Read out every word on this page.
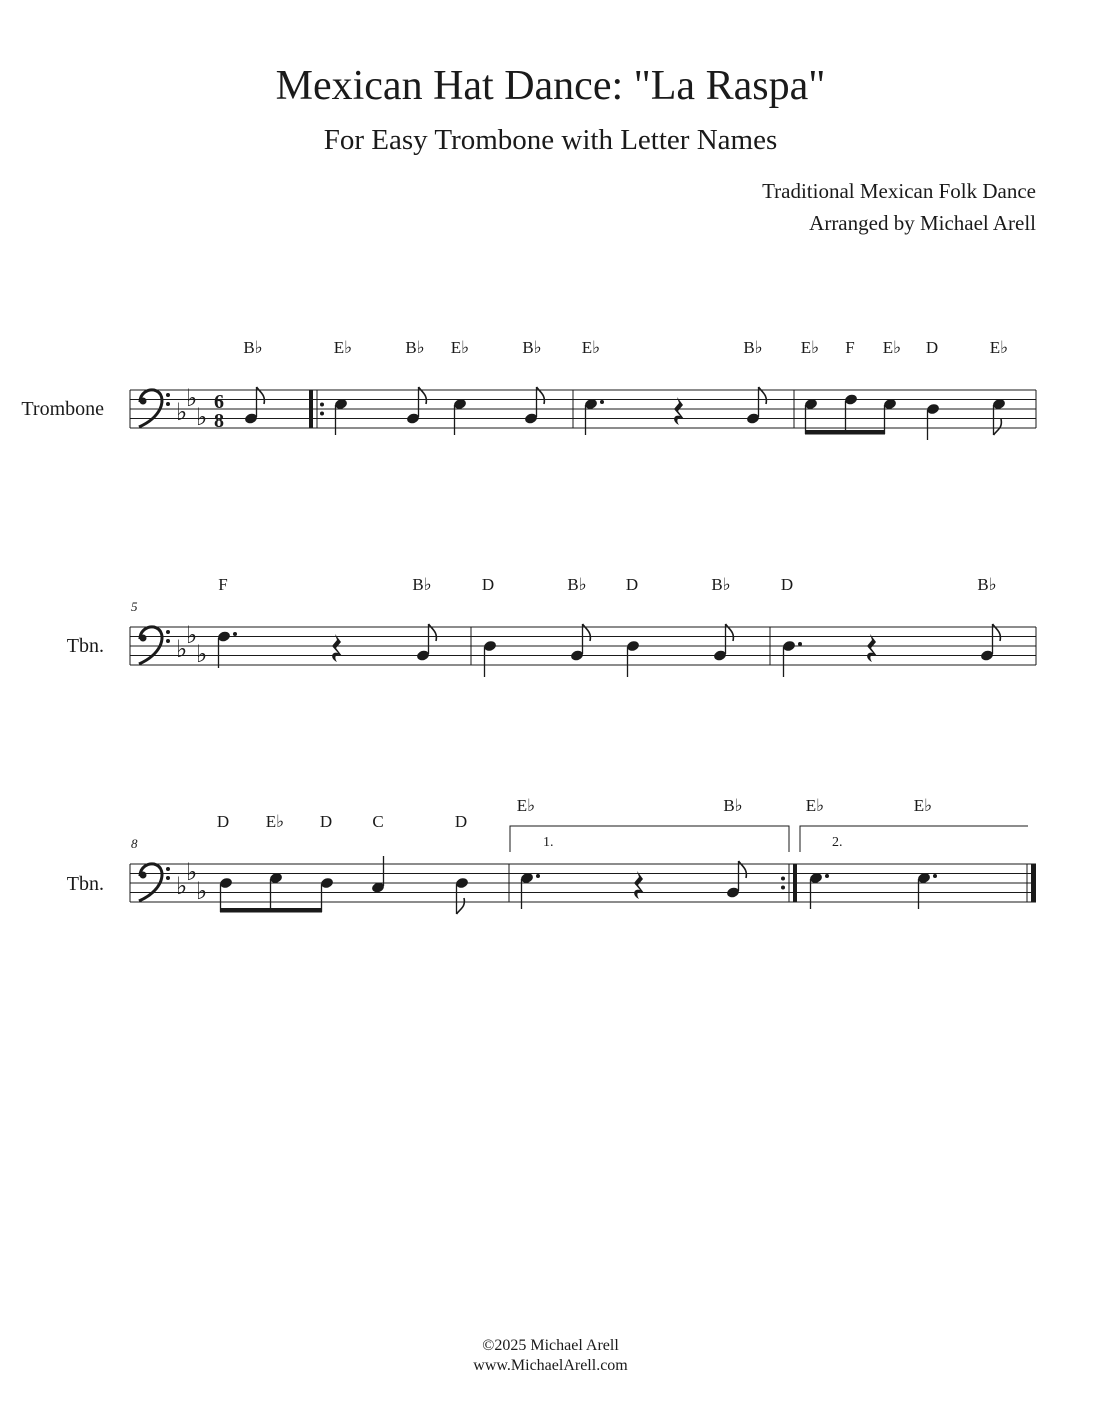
Mexican Hat Dance: "La Raspa"
For Easy Trombone with Letter Names
Traditional Mexican Folk Dance
Arranged by Michael Arell
Trombone	♭
♭
♭
6
8
B♭	E♭	B♭ E♭	B♭ E♭	B♭ E♭ F E♭ D	E♭
Tbn.
5
♭
♭
♭
F	B♭	D	B♭ D	B♭	D	B♭
Tbn.
8
♭
♭
♭
D E♭ D C	D
E♭	B♭	E♭	E♭
1.	2.
©2025 Michael Arell
www.MichaelArell.com
